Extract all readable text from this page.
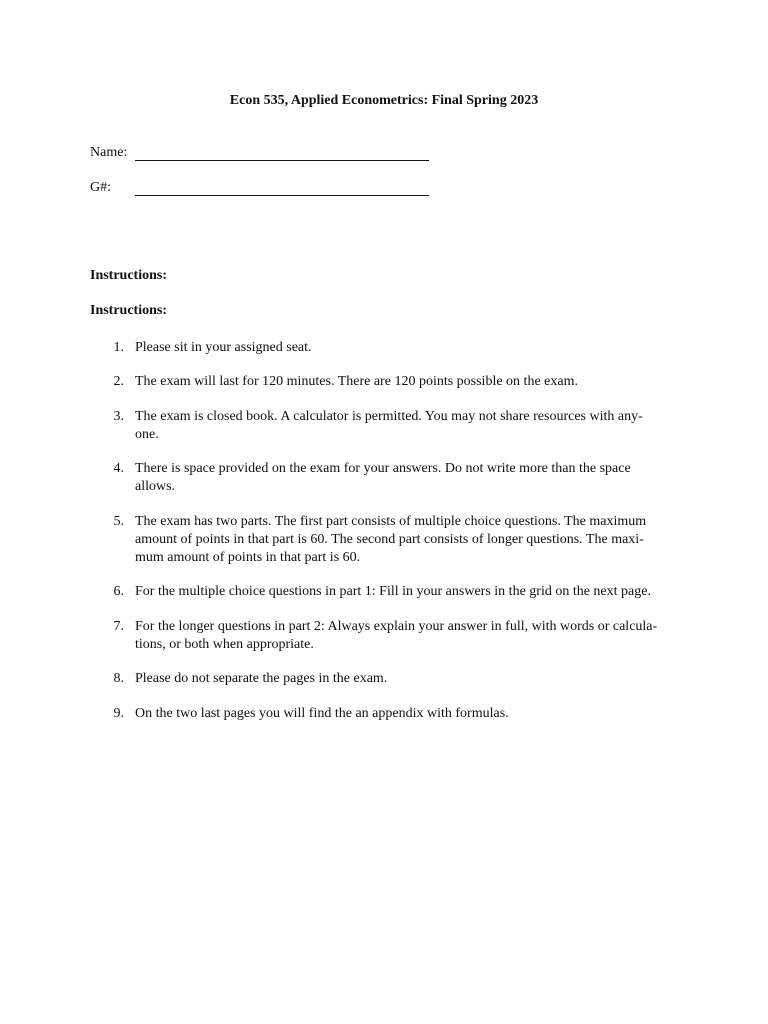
Econ 535, Applied Econometrics: Final Spring 2023
Name:
G#:
Instructions:
Instructions:
1. Please sit in your assigned seat.
2. The exam will last for 120 minutes. There are 120 points possible on the exam.
3. The exam is closed book. A calculator is permitted. You may not share resources with any-
one.
4. There is space provided on the exam for your answers. Do not write more than the space
allows.
5. The exam has two parts. The first part consists of multiple choice questions. The maximum
amount of points in that part is 60. The second part consists of longer questions. The maxi-
mum amount of points in that part is 60.
6. For the multiple choice questions in part 1: Fill in your answers in the grid on the next page.
7. For the longer questions in part 2: Always explain your answer in full, with words or calcula-
tions, or both when appropriate.
8. Please do not separate the pages in the exam.
9. On the two last pages you will find the an appendix with formulas.
